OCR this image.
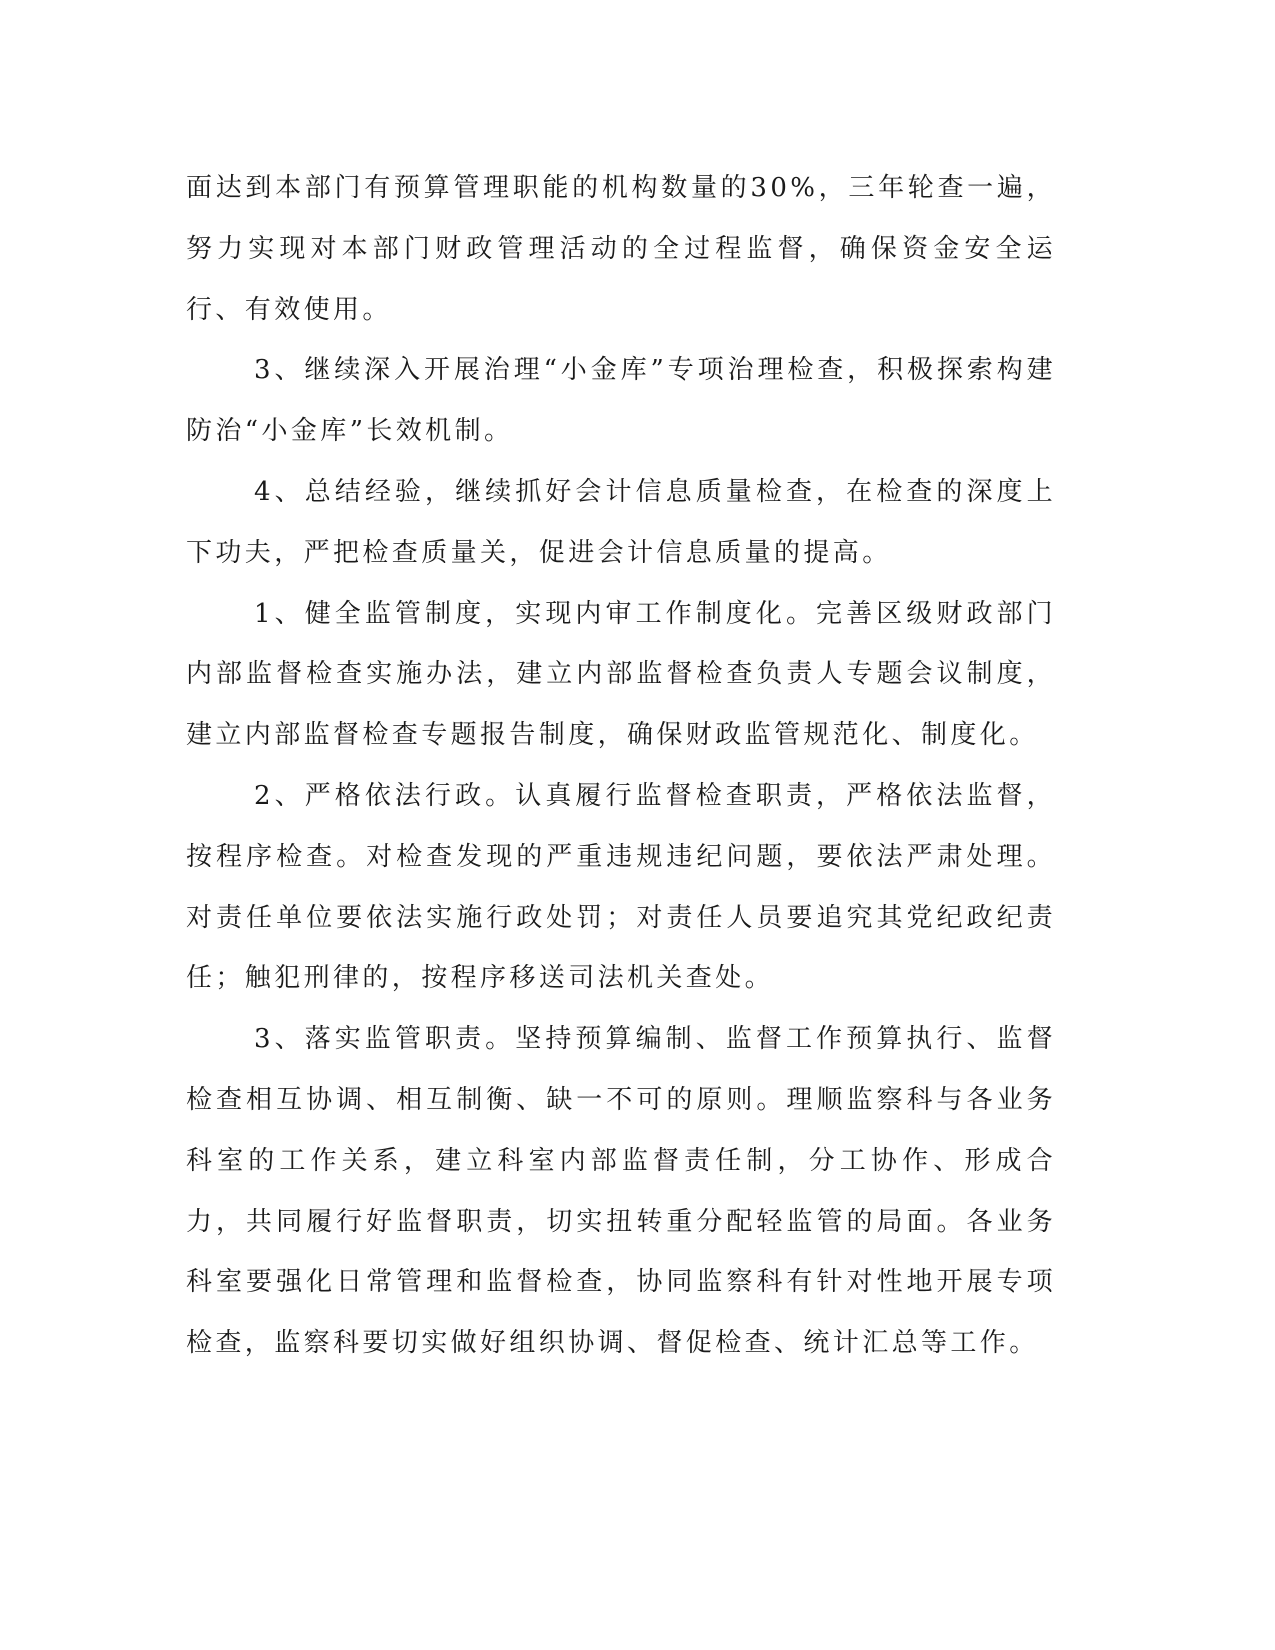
面达到本部门有预算管理职能的机构数量的30%，三年轮查一遍，努力实现对本部门财政管理活动的全过程监督，确保资金安全运行、有效使用。

3、继续深入开展治理“小金库”专项治理检查，积极探索构建防治“小金库”长效机制。

4、总结经验，继续抓好会计信息质量检查，在检查的深度上下功夫，严把检查质量关，促进会计信息质量的提高。

1、健全监管制度，实现内审工作制度化。完善区级财政部门内部监督检查实施办法，建立内部监督检查负责人专题会议制度，建立内部监督检查专题报告制度，确保财政监管规范化、制度化。

2、严格依法行政。认真履行监督检查职责，严格依法监督，按程序检查。对检查发现的严重违规违纪问题，要依法严肃处理。对责任单位要依法实施行政处罚；对责任人员要追究其党纪政纪责任；触犯刑律的，按程序移送司法机关查处。

3、落实监管职责。坚持预算编制、监督工作预算执行、监督检查相互协调、相互制衡、缺一不可的原则。理顺监察科与各业务科室的工作关系，建立科室内部监督责任制，分工协作、形成合力，共同履行好监督职责，切实扭转重分配轻监管的局面。各业务科室要强化日常管理和监督检查，协同监察科有针对性地开展专项检查，监察科要切实做好组织协调、督促检查、统计汇总等工作。
